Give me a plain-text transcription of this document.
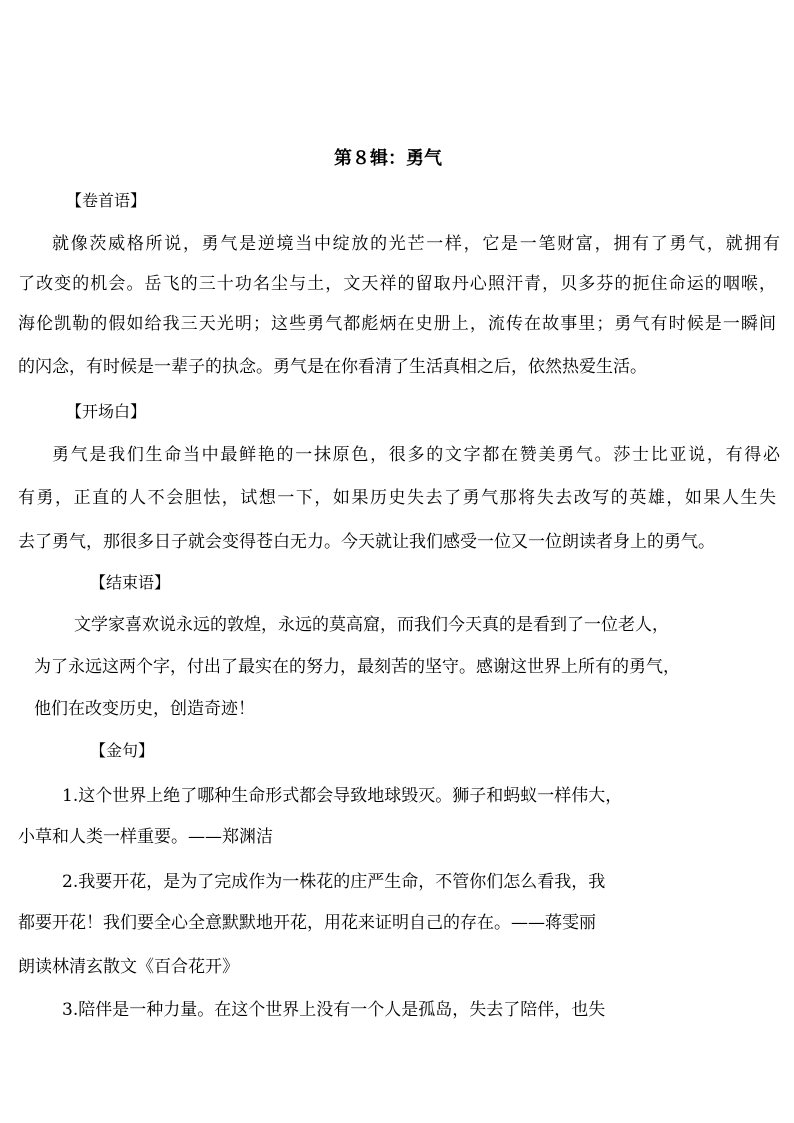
第８辑：勇气
【卷首语】
就像茨威格所说，勇气是逆境当中绽放的光芒一样，它是一笔财富，拥有了勇气，就拥有
了改变的机会。岳飞的三十功名尘与土，文天祥的留取丹心照汗青，贝多芬的扼住命运的咽喉，
海伦凯勒的假如给我三天光明；这些勇气都彪炳在史册上，流传在故事里；勇气有时候是一瞬间
的闪念，有时候是一辈子的执念。勇气是在你看清了生活真相之后，依然热爱生活。
【开场白】
勇气是我们生命当中最鲜艳的一抹原色，很多的文字都在赞美勇气。莎士比亚说，有得必
有勇，正直的人不会胆怯，试想一下，如果历史失去了勇气那将失去改写的英雄，如果人生失
去了勇气，那很多日子就会变得苍白无力。今天就让我们感受一位又一位朗读者身上的勇气。
【结束语】
文学家喜欢说永远的敦煌，永远的莫高窟，而我们今天真的是看到了一位老人，
为了永远这两个字，付出了最实在的努力，最刻苦的坚守。感谢这世界上所有的勇气，
他们在改变历史，创造奇迹！
【金句】
1.这个世界上绝了哪种生命形式都会导致地球毁灭。狮子和蚂蚁一样伟大，
小草和人类一样重要。——郑渊洁
2.我要开花，是为了完成作为一株花的庄严生命，不管你们怎么看我，我
都要开花！我们要全心全意默默地开花，用花来证明自己的存在。——蒋雯丽
朗读林清玄散文《百合花开》
3.陪伴是一种力量。在这个世界上没有一个人是孤岛，失去了陪伴，也失
